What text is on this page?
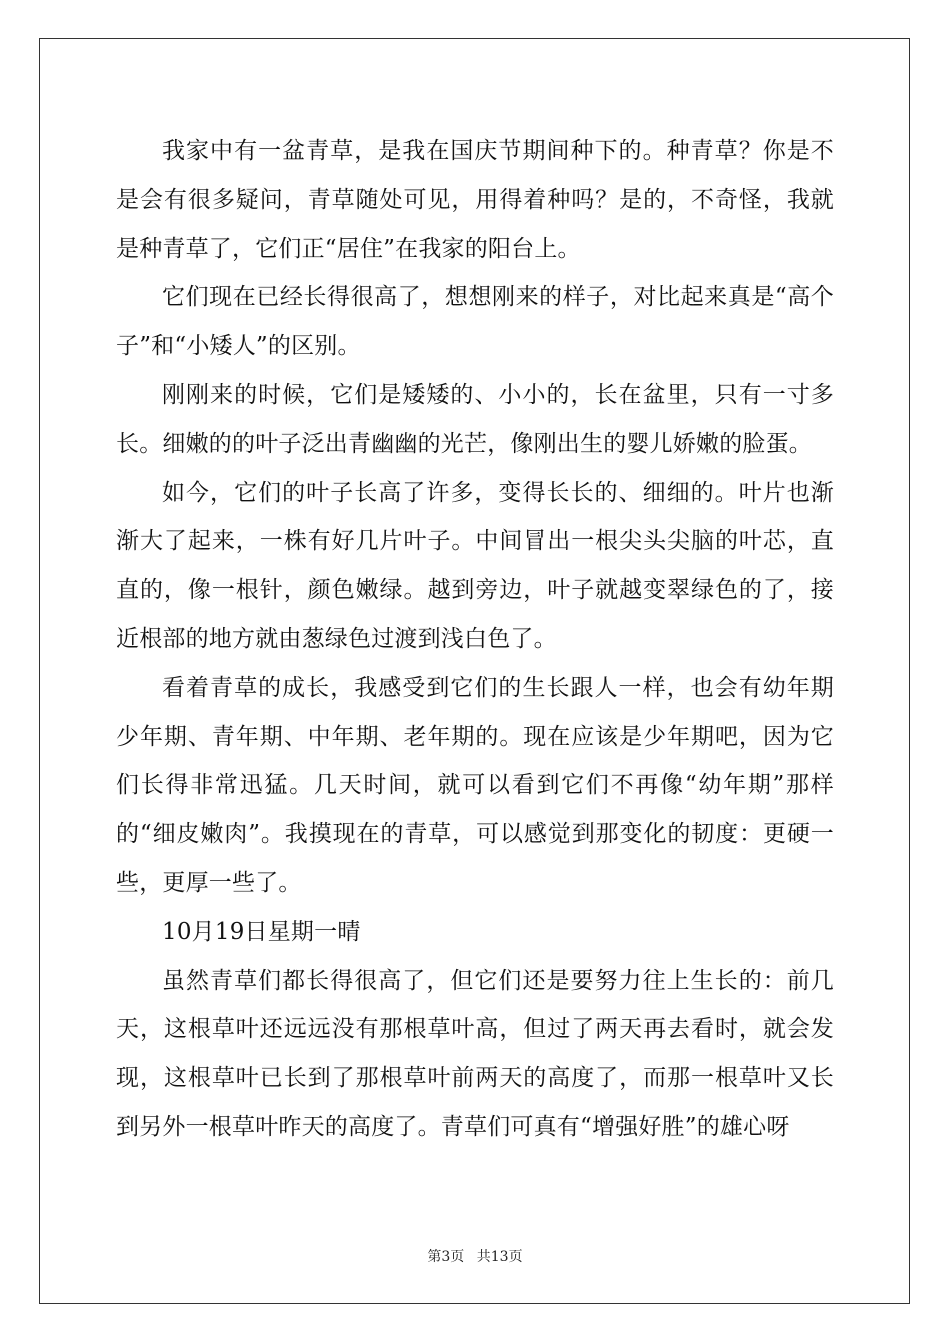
我家中有一盆青草，是我在国庆节期间种下的。种青草？你是不是会有很多疑问，青草随处可见，用得着种吗？是的，不奇怪，我就是种青草了，它们正“居住”在我家的阳台上。

它们现在已经长得很高了，想想刚来的样子，对比起来真是“高个子”和“小矮人”的区别。

刚刚来的时候，它们是矮矮的、小小的，长在盆里，只有一寸多长。细嫩的的叶子泛出青幽幽的光芒，像刚出生的婴儿娇嫩的脸蛋。

如今，它们的叶子长高了许多，变得长长的、细细的。叶片也渐渐大了起来，一株有好几片叶子。中间冒出一根尖头尖脑的叶芯，直直的，像一根针，颜色嫩绿。越到旁边，叶子就越变翠绿色的了，接近根部的地方就由葱绿色过渡到浅白色了。

看着青草的成长，我感受到它们的生长跟人一样，也会有幼年期少年期、青年期、中年期、老年期的。现在应该是少年期吧，因为它们长得非常迅猛。几天时间，就可以看到它们不再像“幼年期”那样的“细皮嫩肉”。我摸现在的青草，可以感觉到那变化的韧度：更硬一些，更厚一些了。

10月19日星期一晴

虽然青草们都长得很高了，但它们还是要努力往上生长的：前几天，这根草叶还远远没有那根草叶高，但过了两天再去看时，就会发现，这根草叶已长到了那根草叶前两天的高度了，而那一根草叶又长到另外一根草叶昨天的高度了。青草们可真有“增强好胜”的雄心呀

第3页 共13页
